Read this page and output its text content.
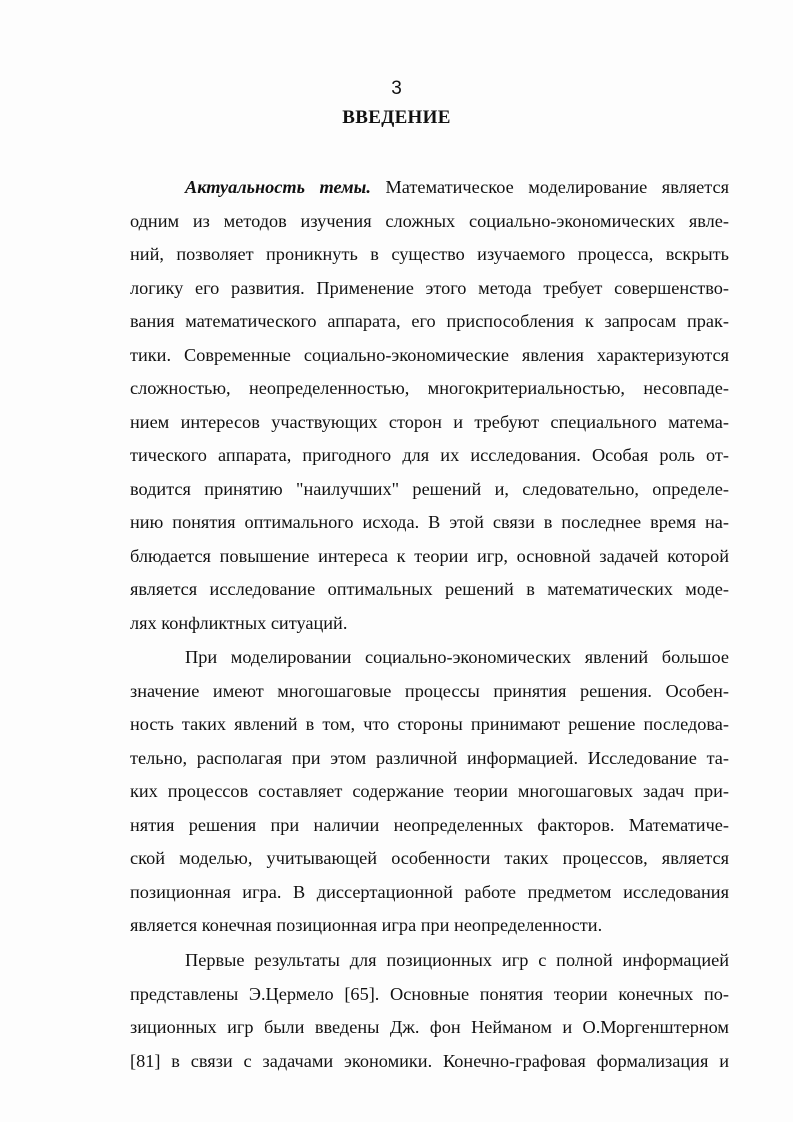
3
ВВЕДЕНИЕ
Актуальность темы. Математическое моделирование является
одним из методов изучения сложных социально-экономических явле-
ний, позволяет проникнуть в существо изучаемого процесса, вскрыть
логику его развития. Применение этого метода требует совершенство-
вания математического аппарата, его приспособления к запросам прак-
тики. Современные социально-экономические явления характеризуются
сложностью, неопределенностью, многокритериальностью, несовпаде-
нием интересов участвующих сторон и требуют специального матема-
тического аппарата, пригодного для их исследования. Особая роль от-
водится принятию "наилучших" решений и, следовательно, определе-
нию понятия оптимального исхода. В этой связи в последнее время на-
блюдается повышение интереса к теории игр, основной задачей которой
является исследование оптимальных решений в математических моде-
лях конфликтных ситуаций.
При моделировании социально-экономических явлений большое
значение имеют многошаговые процессы принятия решения. Особен-
ность таких явлений в том, что стороны принимают решение последова-
тельно, располагая при этом различной информацией. Исследование та-
ких процессов составляет содержание теории многошаговых задач при-
нятия решения при наличии неопределенных факторов. Математиче-
ской моделью, учитывающей особенности таких процессов, является
позиционная игра. В диссертационной работе предметом исследования
является конечная позиционная игра при неопределенности.
Первые результаты для позиционных игр с полной информацией
представлены Э.Цермело [65]. Основные понятия теории конечных по-
зиционных игр были введены Дж. фон Нейманом и О.Моргенштерном
[81] в связи с задачами экономики. Конечно-графовая формализация и
